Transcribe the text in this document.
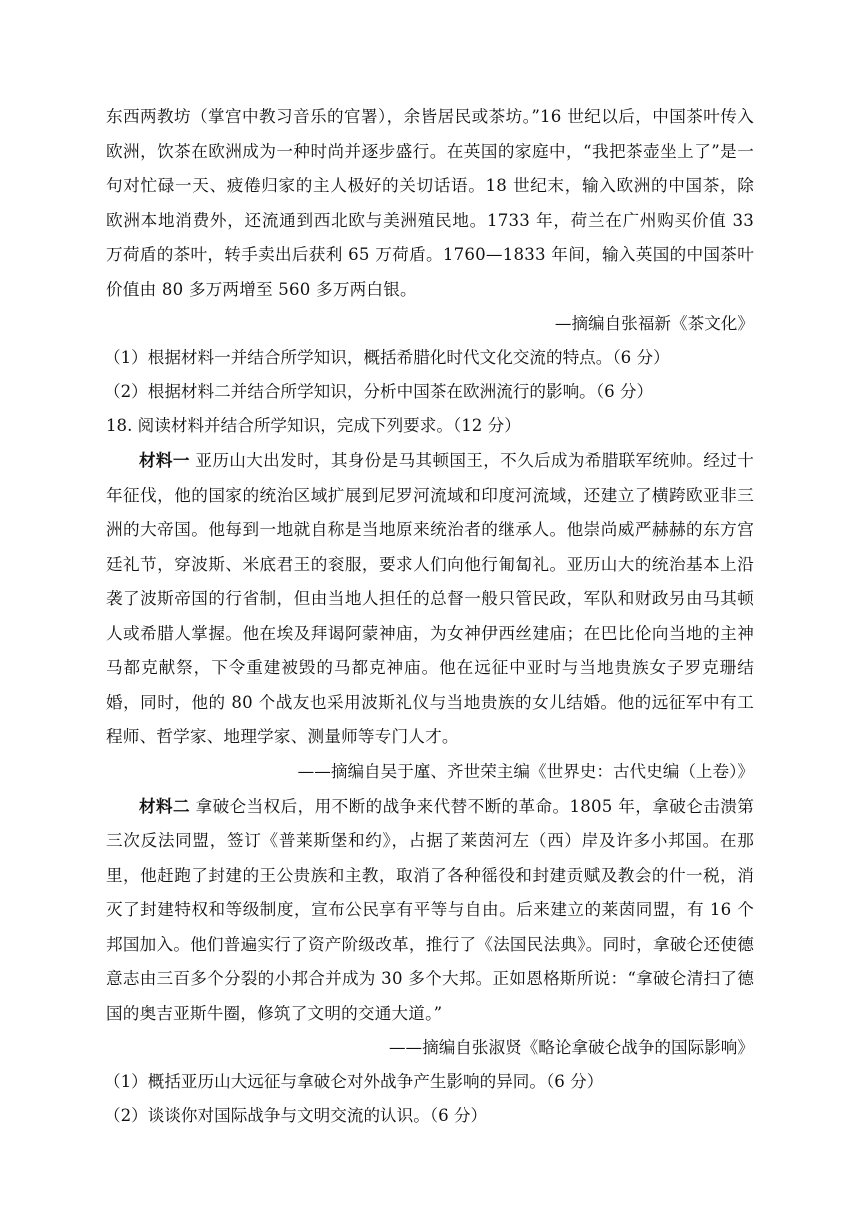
东西两教坊（掌宫中教习音乐的官署），余皆居民或茶坊。”16 世纪以后，中国茶叶传入欧洲，饮茶在欧洲成为一种时尚并逐步盛行。在英国的家庭中，“我把茶壶坐上了”是一句对忙碌一天、疲倦归家的主人极好的关切话语。18 世纪末，输入欧洲的中国茶，除欧洲本地消费外，还流通到西北欧与美洲殖民地。1733 年，荷兰在广州购买价值 33 万荷盾的茶叶，转手卖出后获利 65 万荷盾。1760—1833 年间，输入英国的中国茶叶价值由 80 多万两增至 560 多万两白银。

—摘编自张福新《茶文化》

（1）根据材料一并结合所学知识，概括希腊化时代文化交流的特点。（6 分）

（2）根据材料二并结合所学知识，分析中国茶在欧洲流行的影响。（6 分）

18. 阅读材料并结合所学知识，完成下列要求。（12 分）

材料一 亚历山大出发时，其身份是马其顿国王，不久后成为希腊联军统帅。经过十年征伐，他的国家的统治区域扩展到尼罗河流域和印度河流域，还建立了横跨欧亚非三洲的大帝国。他每到一地就自称是当地原来统治者的继承人。他崇尚威严赫赫的东方宫廷礼节，穿波斯、米底君王的衮服，要求人们向他行匍匐礼。亚历山大的统治基本上沿袭了波斯帝国的行省制，但由当地人担任的总督一般只管民政，军队和财政另由马其顿人或希腊人掌握。他在埃及拜谒阿蒙神庙，为女神伊西丝建庙；在巴比伦向当地的主神马都克献祭，下令重建被毁的马都克神庙。他在远征中亚时与当地贵族女子罗克珊结婚，同时，他的 80 个战友也采用波斯礼仪与当地贵族的女儿结婚。他的远征军中有工程师、哲学家、地理学家、测量师等专门人才。

——摘编自吴于廑、齐世荣主编《世界史：古代史编（上卷）》

材料二 拿破仑当权后，用不断的战争来代替不断的革命。1805 年，拿破仑击溃第三次反法同盟，签订《普莱斯堡和约》，占据了莱茵河左（西）岸及许多小邦国。在那里，他赶跑了封建的王公贵族和主教，取消了各种徭役和封建贡赋及教会的什一税，消灭了封建特权和等级制度，宣布公民享有平等与自由。后来建立的莱茵同盟，有 16 个邦国加入。他们普遍实行了资产阶级改革，推行了《法国民法典》。同时，拿破仑还使德意志由三百多个分裂的小邦合并成为 30 多个大邦。正如恩格斯所说：“拿破仑清扫了德国的奥吉亚斯牛圈，修筑了文明的交通大道。”

——摘编自张淑贤《略论拿破仑战争的国际影响》

（1）概括亚历山大远征与拿破仑对外战争产生影响的异同。（6 分）

（2）谈谈你对国际战争与文明交流的认识。（6 分）
